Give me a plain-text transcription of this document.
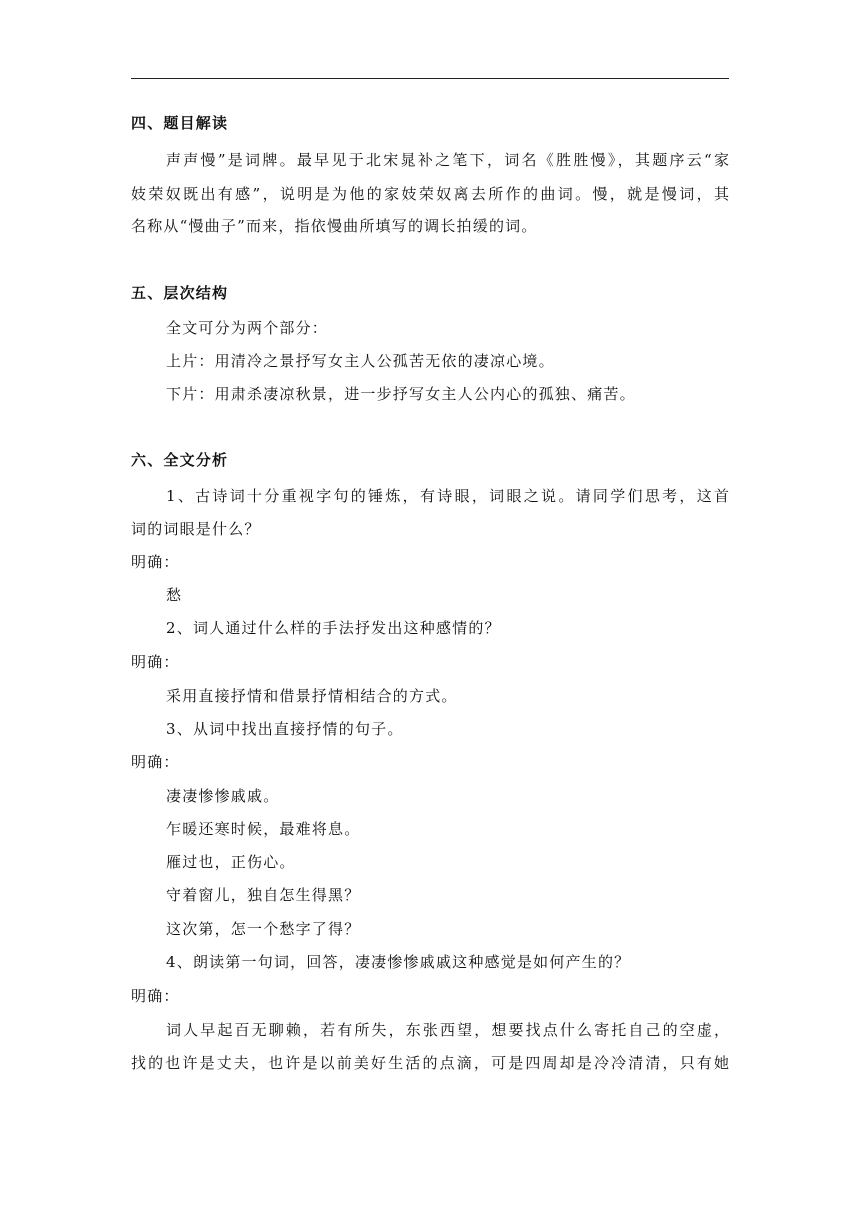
四、题目解读
声声慢”是词牌。最早见于北宋晁补之笔下，词名《胜胜慢》，其题序云“家
妓荣奴既出有感”，说明是为他的家妓荣奴离去所作的曲词。慢，就是慢词，其
名称从“慢曲子”而来，指依慢曲所填写的调长拍缓的词。
五、层次结构
全文可分为两个部分：
上片：用清冷之景抒写女主人公孤苦无依的凄凉心境。
下片：用肃杀凄凉秋景，进一步抒写女主人公内心的孤独、痛苦。
六、全文分析
1、古诗词十分重视字句的锤炼，有诗眼，词眼之说。请同学们思考，这首
词的词眼是什么？
明确：
愁
2、词人通过什么样的手法抒发出这种感情的？
明确：
采用直接抒情和借景抒情相结合的方式。
3、从词中找出直接抒情的句子。
明确：
凄凄惨惨戚戚。
乍暖还寒时候，最难将息。
雁过也，正伤心。
守着窗儿，独自怎生得黑？
这次第，怎一个愁字了得？
4、朗读第一句词，回答，凄凄惨惨戚戚这种感觉是如何产生的？
明确：
词人早起百无聊赖，若有所失，东张西望，想要找点什么寄托自己的空虚，
找的也许是丈夫，也许是以前美好生活的点滴，可是四周却是冷冷清清，只有她
